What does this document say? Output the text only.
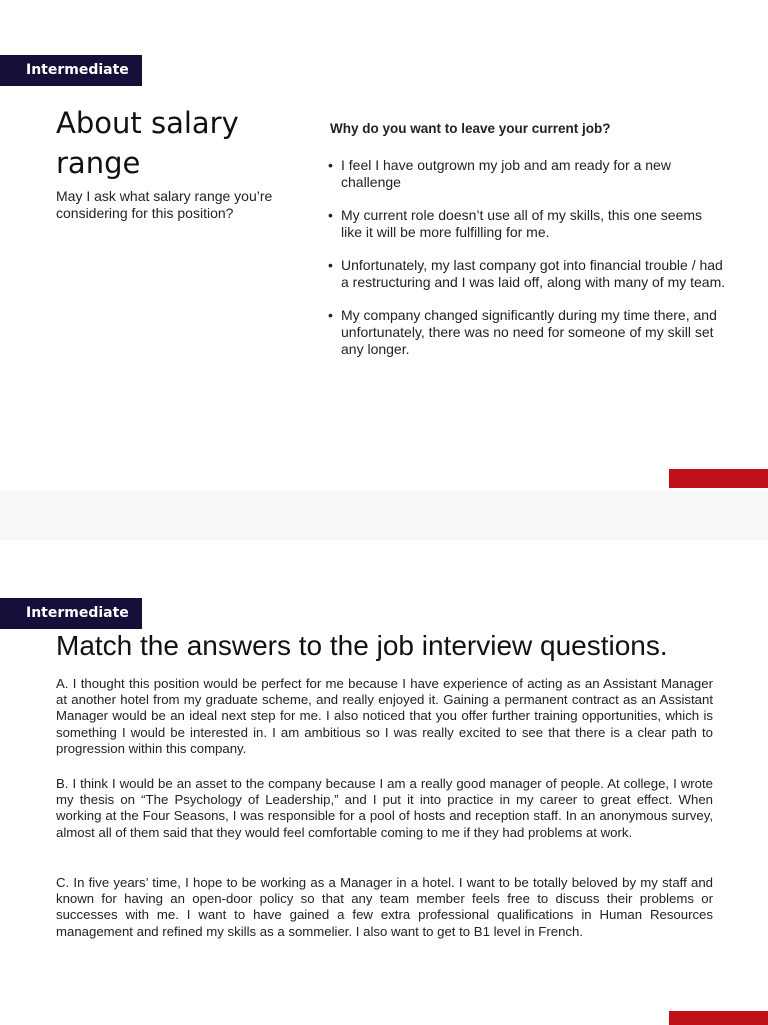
Intermediate
About salary range
May I ask what salary range you’re considering for this position?
Why do you want to leave your current job?
• I feel I have outgrown my job and am ready for a new challenge
• My current role doesn’t use all of my skills, this one seems like it will be more fulfilling for me.
• Unfortunately, my last company got into financial trouble / had a restructuring and I was laid off, along with many of my team.
• My company changed significantly during my time there, and unfortunately, there was no need for someone of my skill set any longer.
Intermediate
Match the answers to the job interview questions.

A. I thought this position would be perfect for me because I have experience of acting as an Assistant Manager at another hotel from my graduate scheme, and really enjoyed it. Gaining a permanent contract as an Assistant Manager would be an ideal next step for me. I also noticed that you offer further training opportunities, which is something I would be interested in. I am ambitious so I was really excited to see that there is a clear path to progression within this company.

B. I think I would be an asset to the company because I am a really good manager of people. At college, I wrote my thesis on “The Psychology of Leadership,” and I put it into practice in my career to great effect. When working at the Four Seasons, I was responsible for a pool of hosts and reception staff. In an anonymous survey, almost all of them said that they would feel comfortable coming to me if they had problems at work.

C. In five years’ time, I hope to be working as a Manager in a hotel. I want to be totally beloved by my staff and known for having an open-door policy so that any team member feels free to discuss their problems or successes with me. I want to have gained a few extra professional qualifications in Human Resources management and refined my skills as a sommelier. I also want to get to B1 level in French.
